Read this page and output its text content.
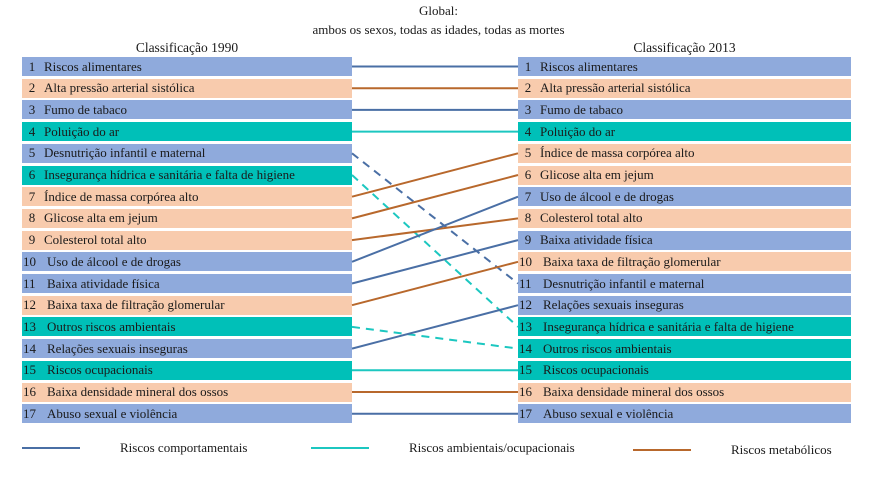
Global:
ambos os sexos, todas as idades, todas as mortes
Classificação 1990	Classificação 2013
1 Riscos alimentares
2 Alta pressão arterial sistólica
3 Fumo de tabaco
4 Poluição do ar
5 Desnutrição infantil e maternal
6 Insegurança hídrica e sanitária e falta de higiene
7 Índice de massa corpórea alto
8 Glicose alta em jejum
9 Colesterol total alto
10 Uso de álcool e de drogas
11 Baixa atividade física
12 Baixa taxa de filtração glomerular
13 Outros riscos ambientais
14 Relações sexuais inseguras
15 Riscos ocupacionais
16 Baixa densidade mineral dos ossos
17 Abuso sexual e violência
1 Riscos alimentares
2 Alta pressão arterial sistólica
3 Fumo de tabaco
4 Poluição do ar
5 Índice de massa corpórea alto
6 Glicose alta em jejum
7 Uso de álcool e de drogas
8 Colesterol total alto
9 Baixa atividade física
10 Baixa taxa de filtração glomerular
11 Desnutrição infantil e maternal
12 Relações sexuais inseguras
13 Insegurança hídrica e sanitária e falta de higiene
14 Outros riscos ambientais
15 Riscos ocupacionais
16 Baixa densidade mineral dos ossos
17 Abuso sexual e violência
Riscos comportamentais	Riscos ambientais/ocupacionais	Riscos metabólicos
